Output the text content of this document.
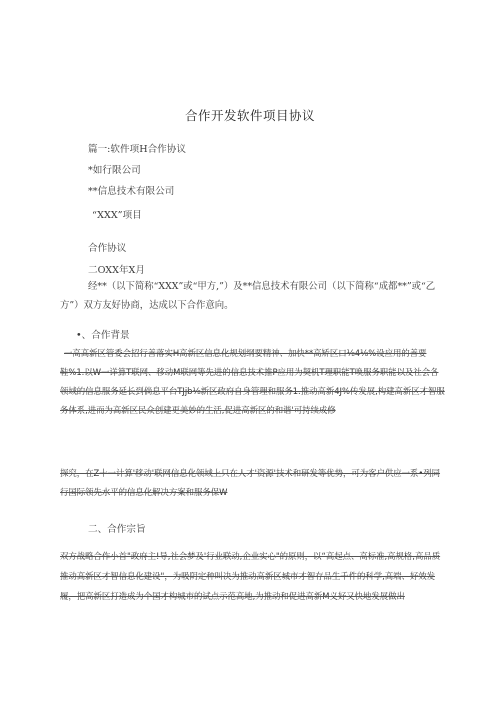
合作开发软件项目协议
篇一:软件项H合作协议
*如行限公司
**信息技术有限公司
“XXX”项目
合作协议
二OXX年X月
经**（以下简称“XXX”或“甲方,”）及**信息技术有限公司（以下简称“成都**”或“乙方”）双方友好协商，达成以下合作意向。
•、合作背景
一高高新区管委会招行善落实H高新区信息化规划纲要精神、加快**高矫区口⅛4⅛%设应用的善要鞋%1.以W一详算T联网、移动M联网等先进的信息技术推P应用为契机T理职能T唤服务职能以及社会各领域的信息服务延长到倘息平台TJjb⅛新区政府自身管理和服务1.推动高新4J%传发展,构建高新区才智服务体系,进而为高新区民众创建更美妙的生活,促进高新区的和谐'可持续成修
探究，在Z十一计算'移动'联网信息化领域上只在人才'资源'技术和研发等优势，可为客户供应一系•列同行国际领先水平的信息化解决方案和服务保W
二、合作宗旨
双方战略合作小首"政府主!导,社会梦及'行业联动,企业实心"的原则，以“高起点、高标准,高规格,高品质推动高新区才智信息化建设"，为吸阴定种叫决为推动高新区城市才智存品生千件的科学,高端、好效发履，把高新区打造成为个国才构城市的试点示范高地,为推动和促进高新M义好又快地发展做出
